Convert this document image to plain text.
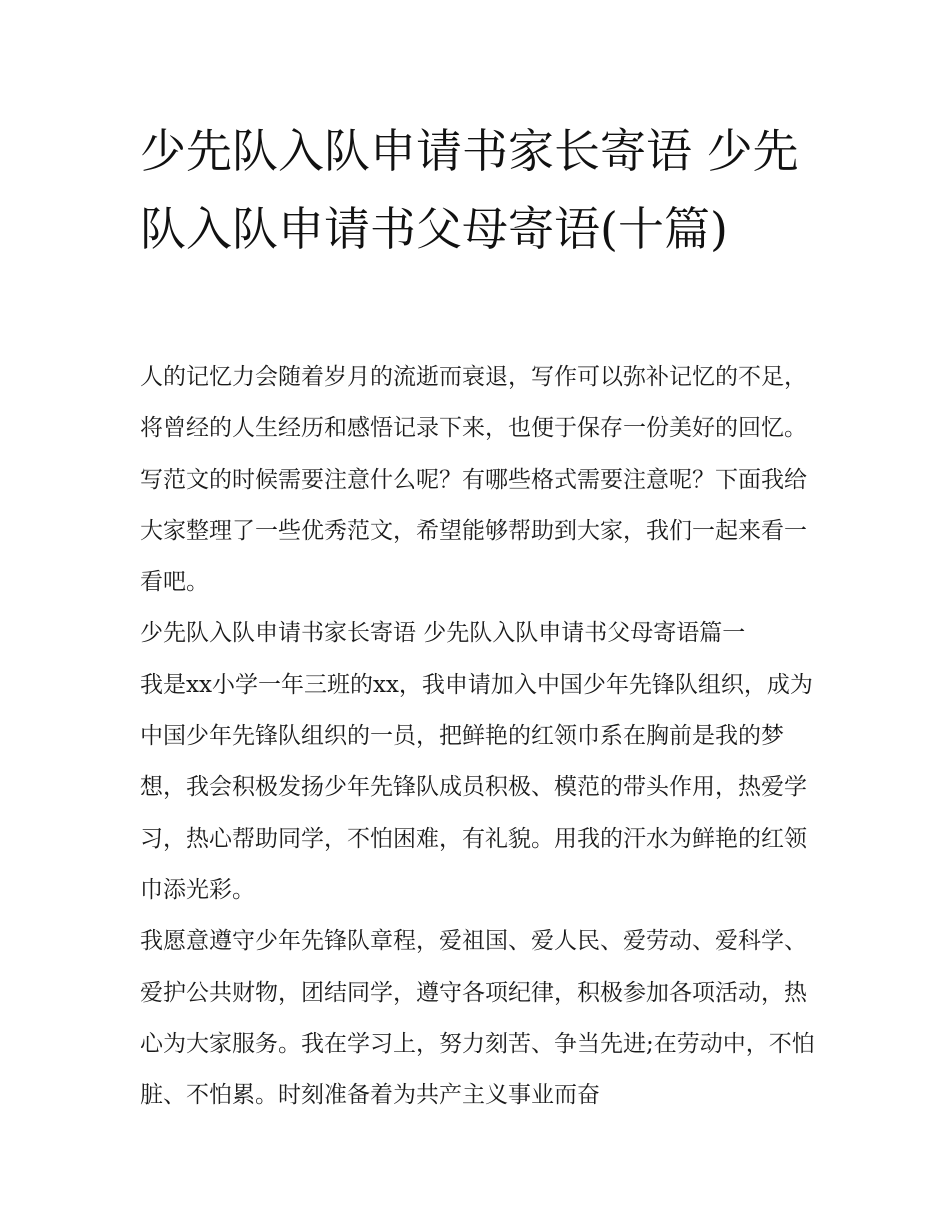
少先队入队申请书家长寄语 少先队入队申请书父母寄语(十篇)

人的记忆力会随着岁月的流逝而衰退，写作可以弥补记忆的不足，将曾经的人生经历和感悟记录下来，也便于保存一份美好的回忆。写范文的时候需要注意什么呢？有哪些格式需要注意呢？下面我给大家整理了一些优秀范文，希望能够帮助到大家，我们一起来看一看吧。

少先队入队申请书家长寄语 少先队入队申请书父母寄语篇一

我是xx小学一年三班的xx，我申请加入中国少年先锋队组织，成为中国少年先锋队组织的一员，把鲜艳的红领巾系在胸前是我的梦想，我会积极发扬少年先锋队成员积极、模范的带头作用，热爱学习，热心帮助同学，不怕困难，有礼貌。用我的汗水为鲜艳的红领巾添光彩。

我愿意遵守少年先锋队章程，爱祖国、爱人民、爱劳动、爱科学、爱护公共财物，团结同学，遵守各项纪律，积极参加各项活动，热心为大家服务。我在学习上，努力刻苦、争当先进;在劳动中，不怕脏、不怕累。时刻准备着为共产主义事业而奋
